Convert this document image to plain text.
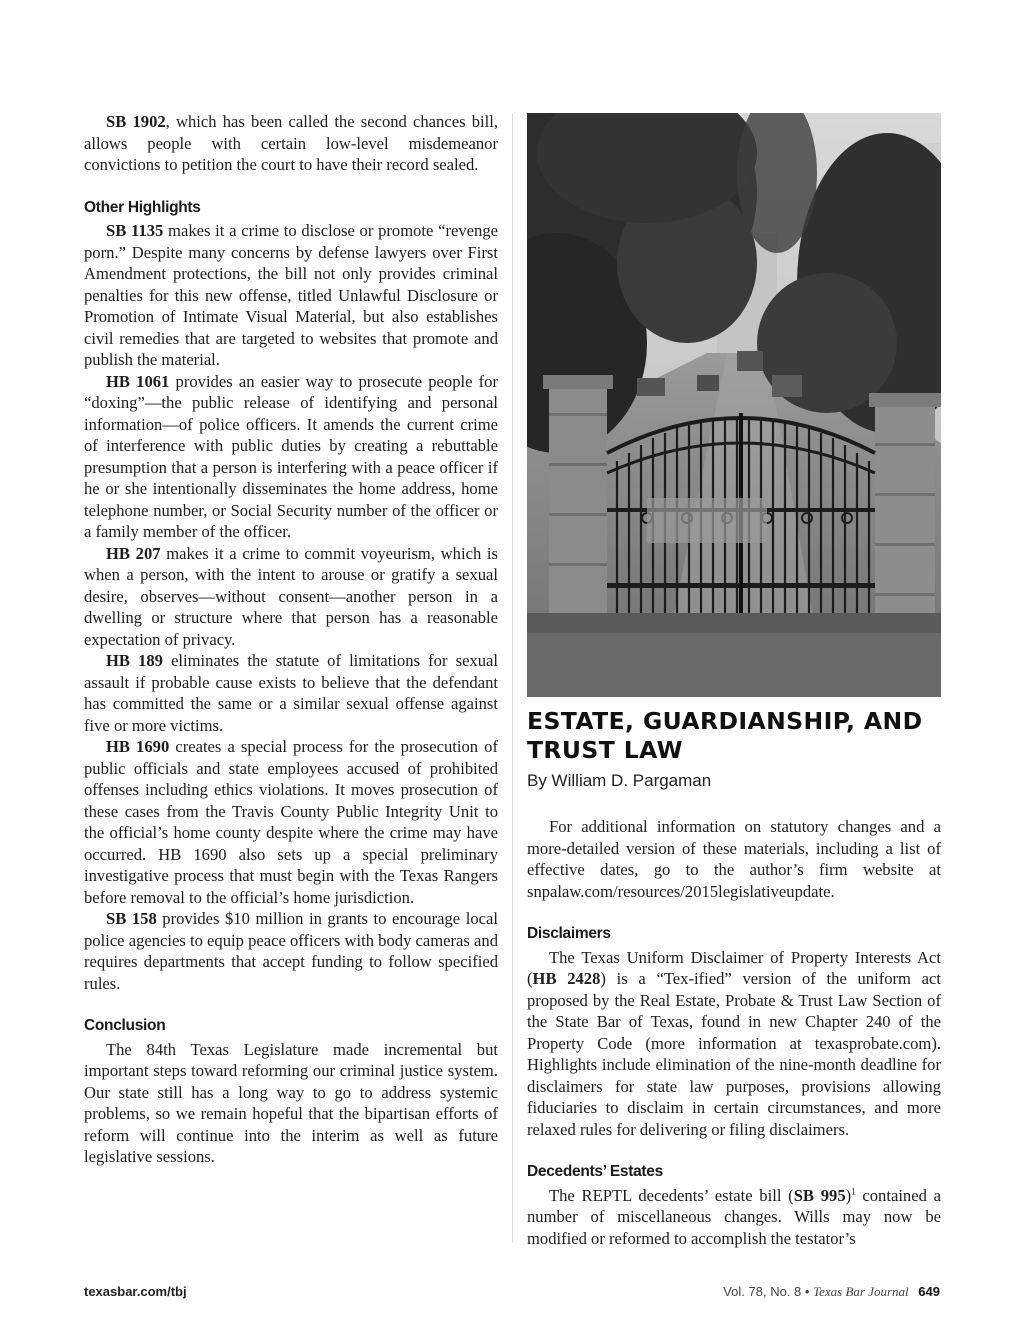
SB 1902, which has been called the second chances bill, allows people with certain low-level misdemeanor convictions to petition the court to have their record sealed.

Other Highlights

SB 1135 makes it a crime to disclose or promote “revenge porn.” Despite many concerns by defense lawyers over First Amendment protections, the bill not only provides criminal penalties for this new offense, titled Unlawful Disclosure or Promotion of Intimate Visual Material, but also establishes civil remedies that are targeted to websites that promote and publish the material.

HB 1061 provides an easier way to prosecute people for “doxing”—the public release of identifying and personal information—of police officers. It amends the current crime of interference with public duties by creating a rebuttable presumption that a person is interfering with a peace officer if he or she intentionally disseminates the home address, home telephone number, or Social Security number of the officer or a family member of the officer.

HB 207 makes it a crime to commit voyeurism, which is when a person, with the intent to arouse or gratify a sexual desire, observes—without consent—another person in a dwelling or structure where that person has a reasonable expectation of privacy.

HB 189 eliminates the statute of limitations for sexual assault if probable cause exists to believe that the defendant has committed the same or a similar sexual offense against five or more victims.

HB 1690 creates a special process for the prosecution of public officials and state employees accused of prohibited offenses including ethics violations. It moves prosecution of these cases from the Travis County Public Integrity Unit to the official’s home county despite where the crime may have occurred. HB 1690 also sets up a special preliminary investigative process that must begin with the Texas Rangers before removal to the official’s home jurisdiction.

SB 158 provides $10 million in grants to encourage local police agencies to equip peace officers with body cameras and requires departments that accept funding to follow specified rules.

Conclusion

The 84th Texas Legislature made incremental but important steps toward reforming our criminal justice system. Our state still has a long way to go to address systemic problems, so we remain hopeful that the bipartisan efforts of reform will continue into the interim as well as future legislative sessions.

ESTATE, GUARDIANSHIP, AND TRUST LAW
By William D. Pargaman

For additional information on statutory changes and a more-detailed version of these materials, including a list of effective dates, go to the author’s firm website at snpalaw.com/resources/2015legislativeupdate.

Disclaimers

The Texas Uniform Disclaimer of Property Interests Act (HB 2428) is a “Tex-ified” version of the uniform act proposed by the Real Estate, Probate & Trust Law Section of the State Bar of Texas, found in new Chapter 240 of the Property Code (more information at texasprobate.com). Highlights include elimination of the nine-month deadline for disclaimers for state law purposes, provisions allowing fiduciaries to disclaim in certain circumstances, and more relaxed rules for delivering or filing disclaimers.

Decedents’ Estates

The REPTL decedents’ estate bill (SB 995)$^1$ contained a number of miscellaneous changes. Wills may now be modified or reformed to accomplish the testator’s

texasbar.com/tbj	Vol. 78, No. 8 • Texas Bar Journal 649
